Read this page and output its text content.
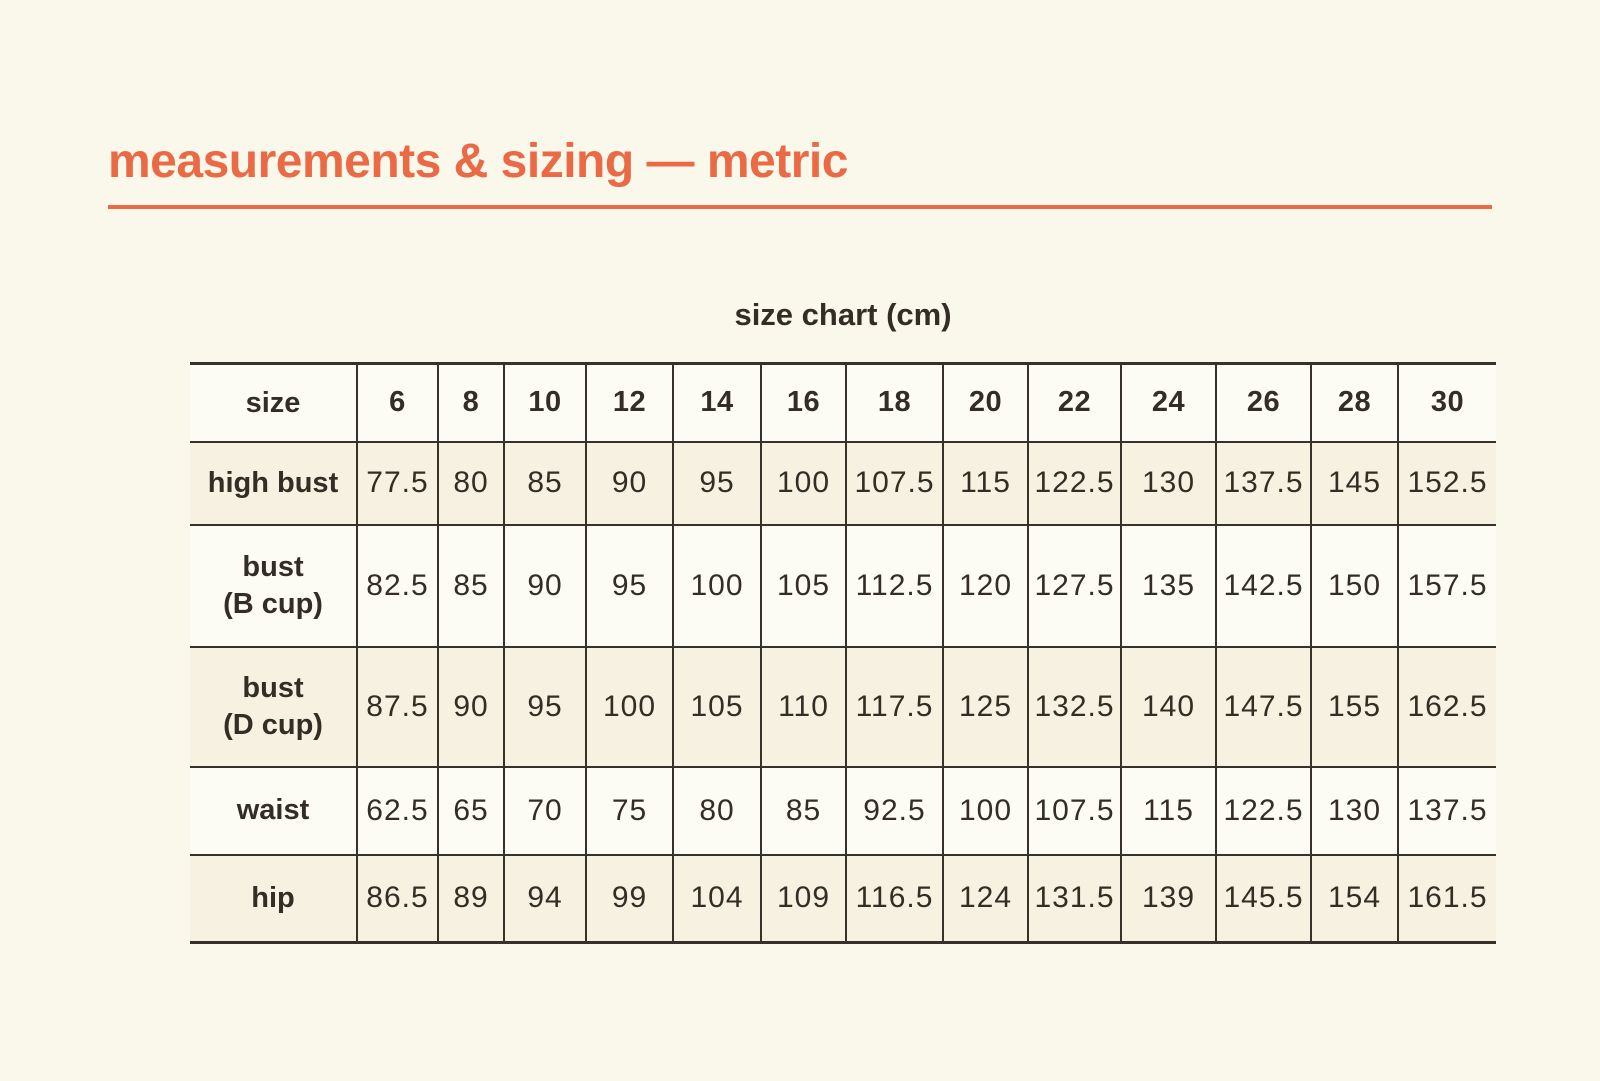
measurements & sizing — metric
size chart (cm)
size	6	8	10	12	14	16	18	20	22	24	26	28	30

high bust	77.5	80	85	90	95	100	107.5	115	122.5	130	137.5	145	152.5

bust
(B cup)	82.5	85	90	95	100	105	112.5	120	127.5	135	142.5	150	157.5

bust
(D cup)	87.5	90	95	100	105	110	117.5	125	132.5	140	147.5	155	162.5

waist	62.5	65	70	75	80	85	92.5	100	107.5	115	122.5	130	137.5

hip	86.5	89	94	99	104	109	116.5	124	131.5	139	145.5	154	161.5
